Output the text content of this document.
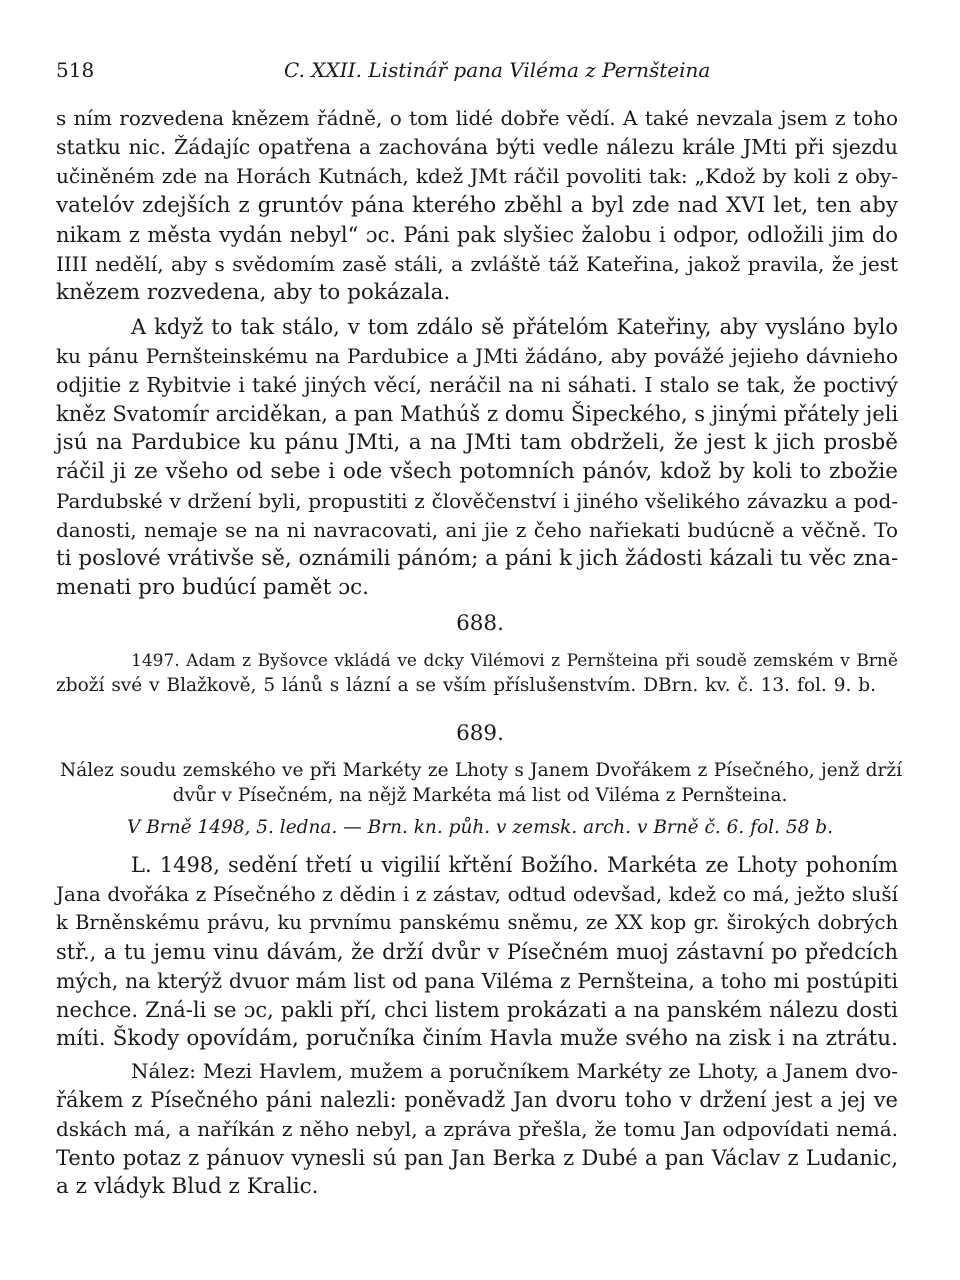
518	C. XXII. Listinář pana Viléma z Pernšteina
s ním rozvedena knězem řádně, o tom lidé dobře vědí. A také nevzala jsem z toho
statku nic. Žádajíc opatřena a zachována býti vedle nálezu krále JMti při sjezdu
učiněném zde na Horách Kutnách, kdež JMt ráčil povoliti tak: „Kdož by koli z oby-
vatelóv zdejších z gruntóv pána kterého zběhl a byl zde nad XVI let, ten aby
nikam z města vydán nebyl“ ɔc. Páni pak slyšiec žalobu i odpor, odložili jim do
IIII nedělí, aby s svědomím zasě stáli, a zvláště táž Kateřina, jakož pravila, že jest
knězem rozvedena, aby to pokázala.
A když to tak stálo, v tom zdálo sě přátelóm Kateřiny, aby vysláno bylo
ku pánu Pernšteinskému na Pardubice a JMti žádáno, aby povážé jejieho dávnieho
odjitie z Rybitvie i také jiných věcí, neráčil na ni sáhati. I stalo se tak, že poctivý
kněz Svatomír arciděkan, a pan Mathúš z domu Šipeckého, s jinými přátely jeli
jsú na Pardubice ku pánu JMti, a na JMti tam obdrželi, že jest k jich prosbě
ráčil ji ze všeho od sebe i ode všech potomních pánóv, kdož by koli to zbožie
Pardubské v držení byli, propustiti z člověčenství i jiného všelikého závazku a pod-
danosti, nemaje se na ni navracovati, ani jie z čeho nařiekati budúcně a věčně. To
ti poslové vrátivše sě, oznámili pánóm; a páni k jich žádosti kázali tu věc zna-
menati pro budúcí pamět ɔc.
688.
1497. Adam z Byšovce vkládá ve dcky Vilémovi z Pernšteina při soudě zemském v Brně
zboží své v Blažkově, 5 lánů s lázní a se vším příslušenstvím. DBrn. kv. č. 13. fol. 9. b.
689.
Nález soudu zemského ve při Markéty ze Lhoty s Janem Dvořákem z Písečného, jenž drží
dvůr v Písečném, na nějž Markéta má list od Viléma z Pernšteina.
V Brně 1498, 5. ledna. — Brn. kn. půh. v zemsk. arch. v Brně č. 6. fol. 58 b.
L. 1498, sedění třetí u vigilií křtění Božího. Markéta ze Lhoty pohoním
Jana dvořáka z Písečného z dědin i z zástav, odtud odevšad, kdež co má, ježto sluší
k Brněnskému právu, ku prvnímu panskému sněmu, ze XX kop gr. širokých dobrých
stř., a tu jemu vinu dávám, že drží dvůr v Písečném muoj zástavní po předcích
mých, na kterýž dvuor mám list od pana Viléma z Pernšteina, a toho mi postúpiti
nechce. Zná-li se ɔc, pakli pří, chci listem prokázati a na panském nálezu dosti
míti. Škody opovídám, poručníka činím Havla muže svého na zisk i na ztrátu.
Nález: Mezi Havlem, mužem a poručníkem Markéty ze Lhoty, a Janem dvo-
řákem z Písečného páni nalezli: poněvadž Jan dvoru toho v držení jest a jej ve
dskách má, a naříkán z něho nebyl, a zpráva přešla, že tomu Jan odpovídati nemá.
Tento potaz z pánuov vynesli sú pan Jan Berka z Dubé a pan Václav z Ludanic,
a z vládyk Blud z Kralic.
